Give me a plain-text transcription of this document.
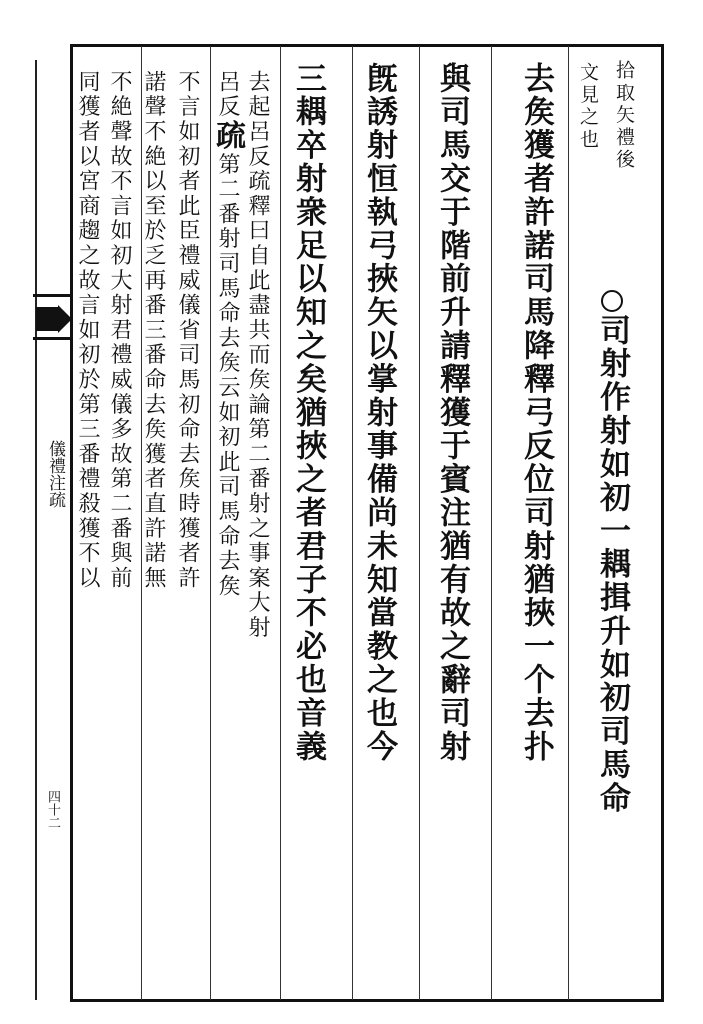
拾取矢禮後
文見之也
司射作射如初一耦揖升如初司馬命
去矦獲者許諾司馬降釋弓反位司射猶挾一个去扑
與司馬交于階前升請釋獲于賓注猶有故之辭司射
旣誘射恒執弓挾矢以掌射事備尚未知當教之也今
三耦卒射衆足以知之矣猶挾之者君子不必也音義
去起呂反疏釋曰自此盡共而矦論第二番射之事案大射
呂反疏第二番射司馬命去矦云如初此司馬命去矦
不言如初者此臣禮威儀省司馬初命去矦時獲者許
諾聲不絶以至於乏再番三番命去矦獲者直許諾無
不絶聲故不言如初大射君禮威儀多故第二番與前
儀禮注疏
四十二
同獲者以宮商趨之故言如初於第三番禮殺獲不以
